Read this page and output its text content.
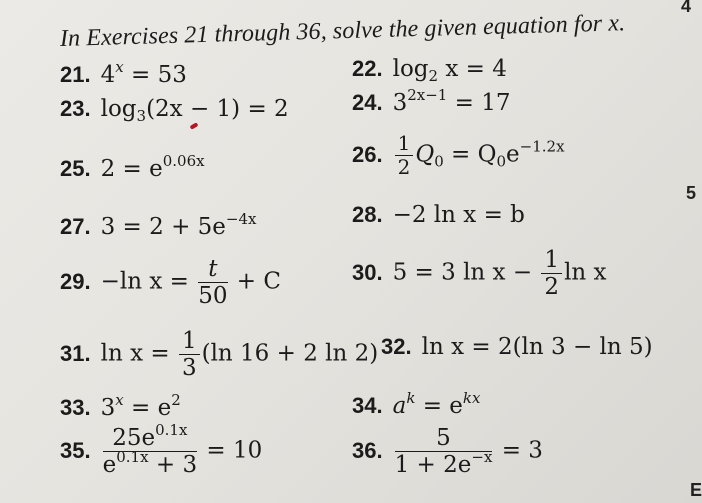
In Exercises 21 through 36, solve the given equation for x.
4
5
E
21. $4^x = 53$	22. $\log_2 x = 4$
23. $\log_3(2x - 1) = 2$	24. $3^{2x-1} = 17$
25. $2 = e^{0.06x}$	26. $\frac{1}{2} Q_0 = Q_0e^{-1.2x}$
27. $3 = 2 + 5e^{-4x}$	28. −2 ln x = b
29. −ln $x = \frac{t}{50} + C$	30. 5 = 3 $\ln x - \frac{1}{2}$ ln x
31. $\ln x = \frac{1}{3} (\ln$ 16 + 2 ln 2) 32. ln x = 2(ln 3 − ln 5)
33. $3^x = e^2$	34. $a^k = e^{kx}$
35. $\frac{25e^{0.1x}}{e^{0.1x} + 3} = 10$	36. $\frac{5}{1 + 2e^{-x}} = 3$
